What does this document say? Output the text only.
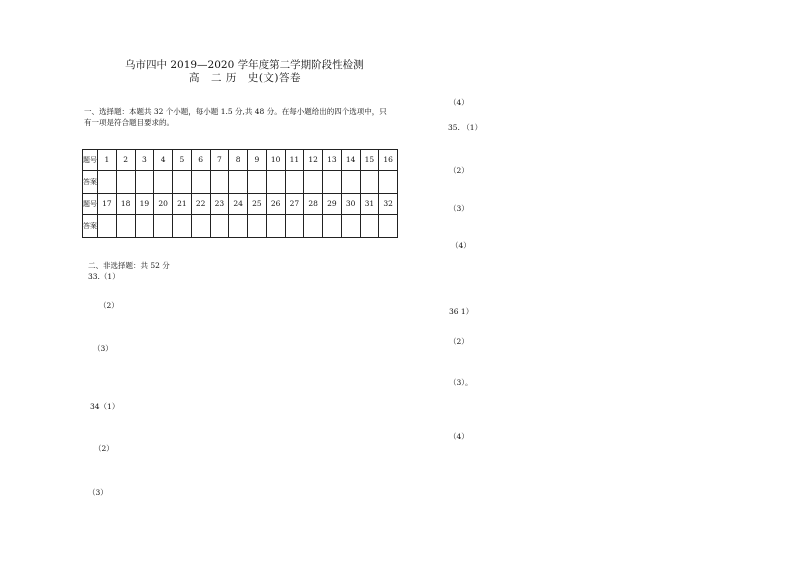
乌市四中 2019—2020 学年度第二学期阶段性检测
高　二 历　史(文)答卷
一、选择题：本题共 32 个小题，每小题 1.5 分,共 48 分。在每小题给出的四个选项中，只
有一项是符合题目要求的。
题号	1	2	3	4	5	6	7	8	9	10	11	12	13	14	15	16
答案																
题号	17	18	19	20	21	22	23	24	25	26	27	28	29	30	31	32
答案																
二、非选择题：共 52 分
33.（1）
（2）
（3）
34（1）
（2）
（3）
（4）
35. （1）
（2）
（3）
（4）
36 1）
（2）
（3）。
（4）
